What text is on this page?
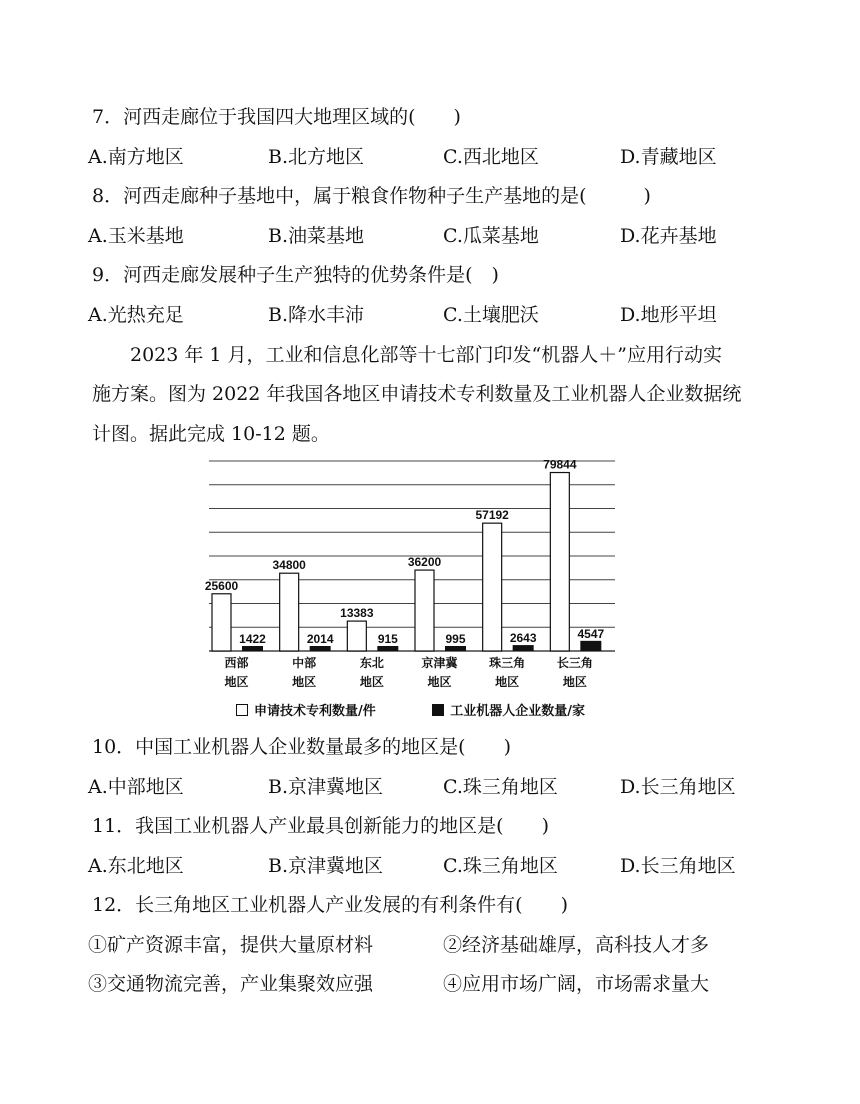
7．河西走廊位于我国四大地理区域的(　　)
A.南方地区	B.北方地区	C.西北地区	D.青藏地区
8．河西走廊种子基地中，属于粮食作物种子生产基地的是(　　　)
A.玉米基地	B.油菜基地	C.瓜菜基地	D.花卉基地
9．河西走廊发展种子生产独特的优势条件是(　)
A.光热充足	B.降水丰沛	C.土壤肥沃	D.地形平坦
2023 年 1 月，工业和信息化部等十七部门印发“机器人＋”应用行动实
施方案。图为 2022 年我国各地区申请技术专利数量及工业机器人企业数据统
计图。据此完成 10-12 题。
25600
1422
西部
地区
34800
2014
中部
地区
13383
915
东北
地区
36200
995
京津冀
地区
57192
2643
珠三角
地区
79844
4547
长三角
地区
申请技术专利数量/件	工业机器人企业数量/家
10．中国工业机器人企业数量最多的地区是(　　)
A.中部地区	B.京津冀地区	C.珠三角地区	D.长三角地区
11．我国工业机器人产业最具创新能力的地区是(　　)
A.东北地区	B.京津冀地区	C.珠三角地区	D.长三角地区
12．长三角地区工业机器人产业发展的有利条件有(　　)
①矿产资源丰富，提供大量原材料	②经济基础雄厚，高科技人才多
③交通物流完善，产业集聚效应强	④应用市场广阔，市场需求量大
